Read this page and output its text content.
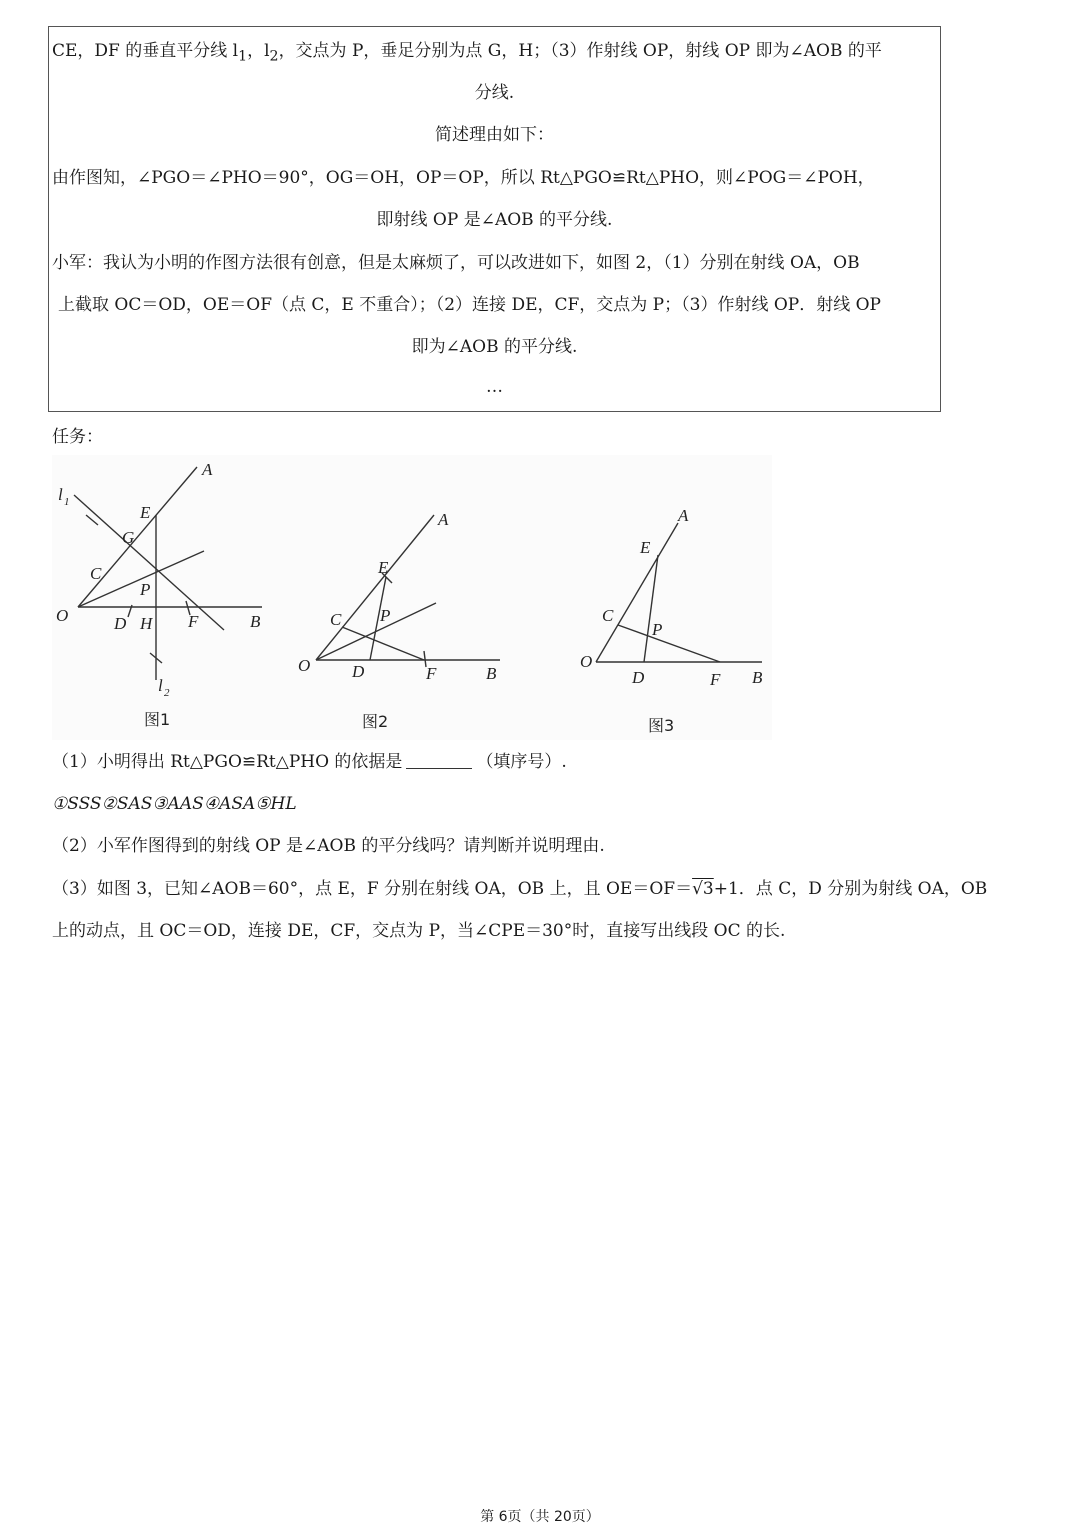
CE，DF 的垂直平分线 $l_1$，$l_2$，交点为 P，垂足分别为点 G，H；（3）作射线 OP，射线 OP 即为∠AOB 的平
分线.
简述理由如下：
由作图知，∠PGO＝∠PHO＝90°，OG＝OH，OP＝OP，所以 Rt△PGO≌Rt△PHO，则∠POG＝∠POH，
即射线 OP 是∠AOB 的平分线.
小军：我认为小明的作图方法很有创意，但是太麻烦了，可以改进如下，如图 2，（1）分别在射线 OA，OB
上截取 OC＝OD，OE＝OF（点 C，E 不重合）；（2）连接 DE，CF，交点为 P；（3）作射线 OP．射线 OP
即为∠AOB 的平分线.
…
任务：
A
l 1
E
G
C
P
O	D H F	B
l 2
图1
A
E
C P
O D	F	B
图2
A
E
C
P
O
D	F B
图3
（1）小明得出 Rt△PGO≌Rt△PHO 的依据是	（填序号）.
①SSS②SAS③AAS④ASA⑤HL
（2）小军作图得到的射线 OP 是∠AOB 的平分线吗？请判断并说明理由.
（3）如图 3，已知∠AOB＝60°，点 E，F 分别在射线 OA，OB 上，且 OE＝OF＝√3+1．点 C，D 分别为射线 OA，OB
上的动点，且 OC＝OD，连接 DE，CF，交点为 P，当∠CPE＝30°时，直接写出线段 OC 的长.
第 6页（共 20页）
